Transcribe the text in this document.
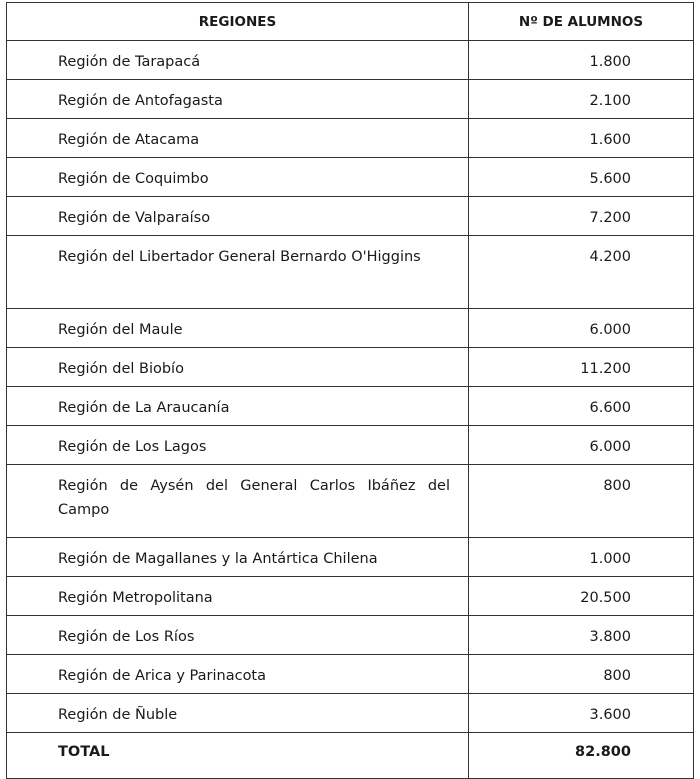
REGIONES	Nº DE ALUMNOS
Región de Tarapacá	1.800
Región de Antofagasta	2.100
Región de Atacama	1.600
Región de Coquimbo	5.600
Región de Valparaíso	7.200
Región del Libertador General Bernardo O'Higgins	4.200
Región del Maule	6.000
Región del Biobío	11.200
Región de La Araucanía	6.600
Región de Los Lagos	6.000
Región de Aysén del General Carlos Ibáñez del Campo	800
Región de Magallanes y la Antártica Chilena	1.000
Región Metropolitana	20.500
Región de Los Ríos	3.800
Región de Arica y Parinacota	800
Región de Ñuble	3.600
TOTAL	82.800
